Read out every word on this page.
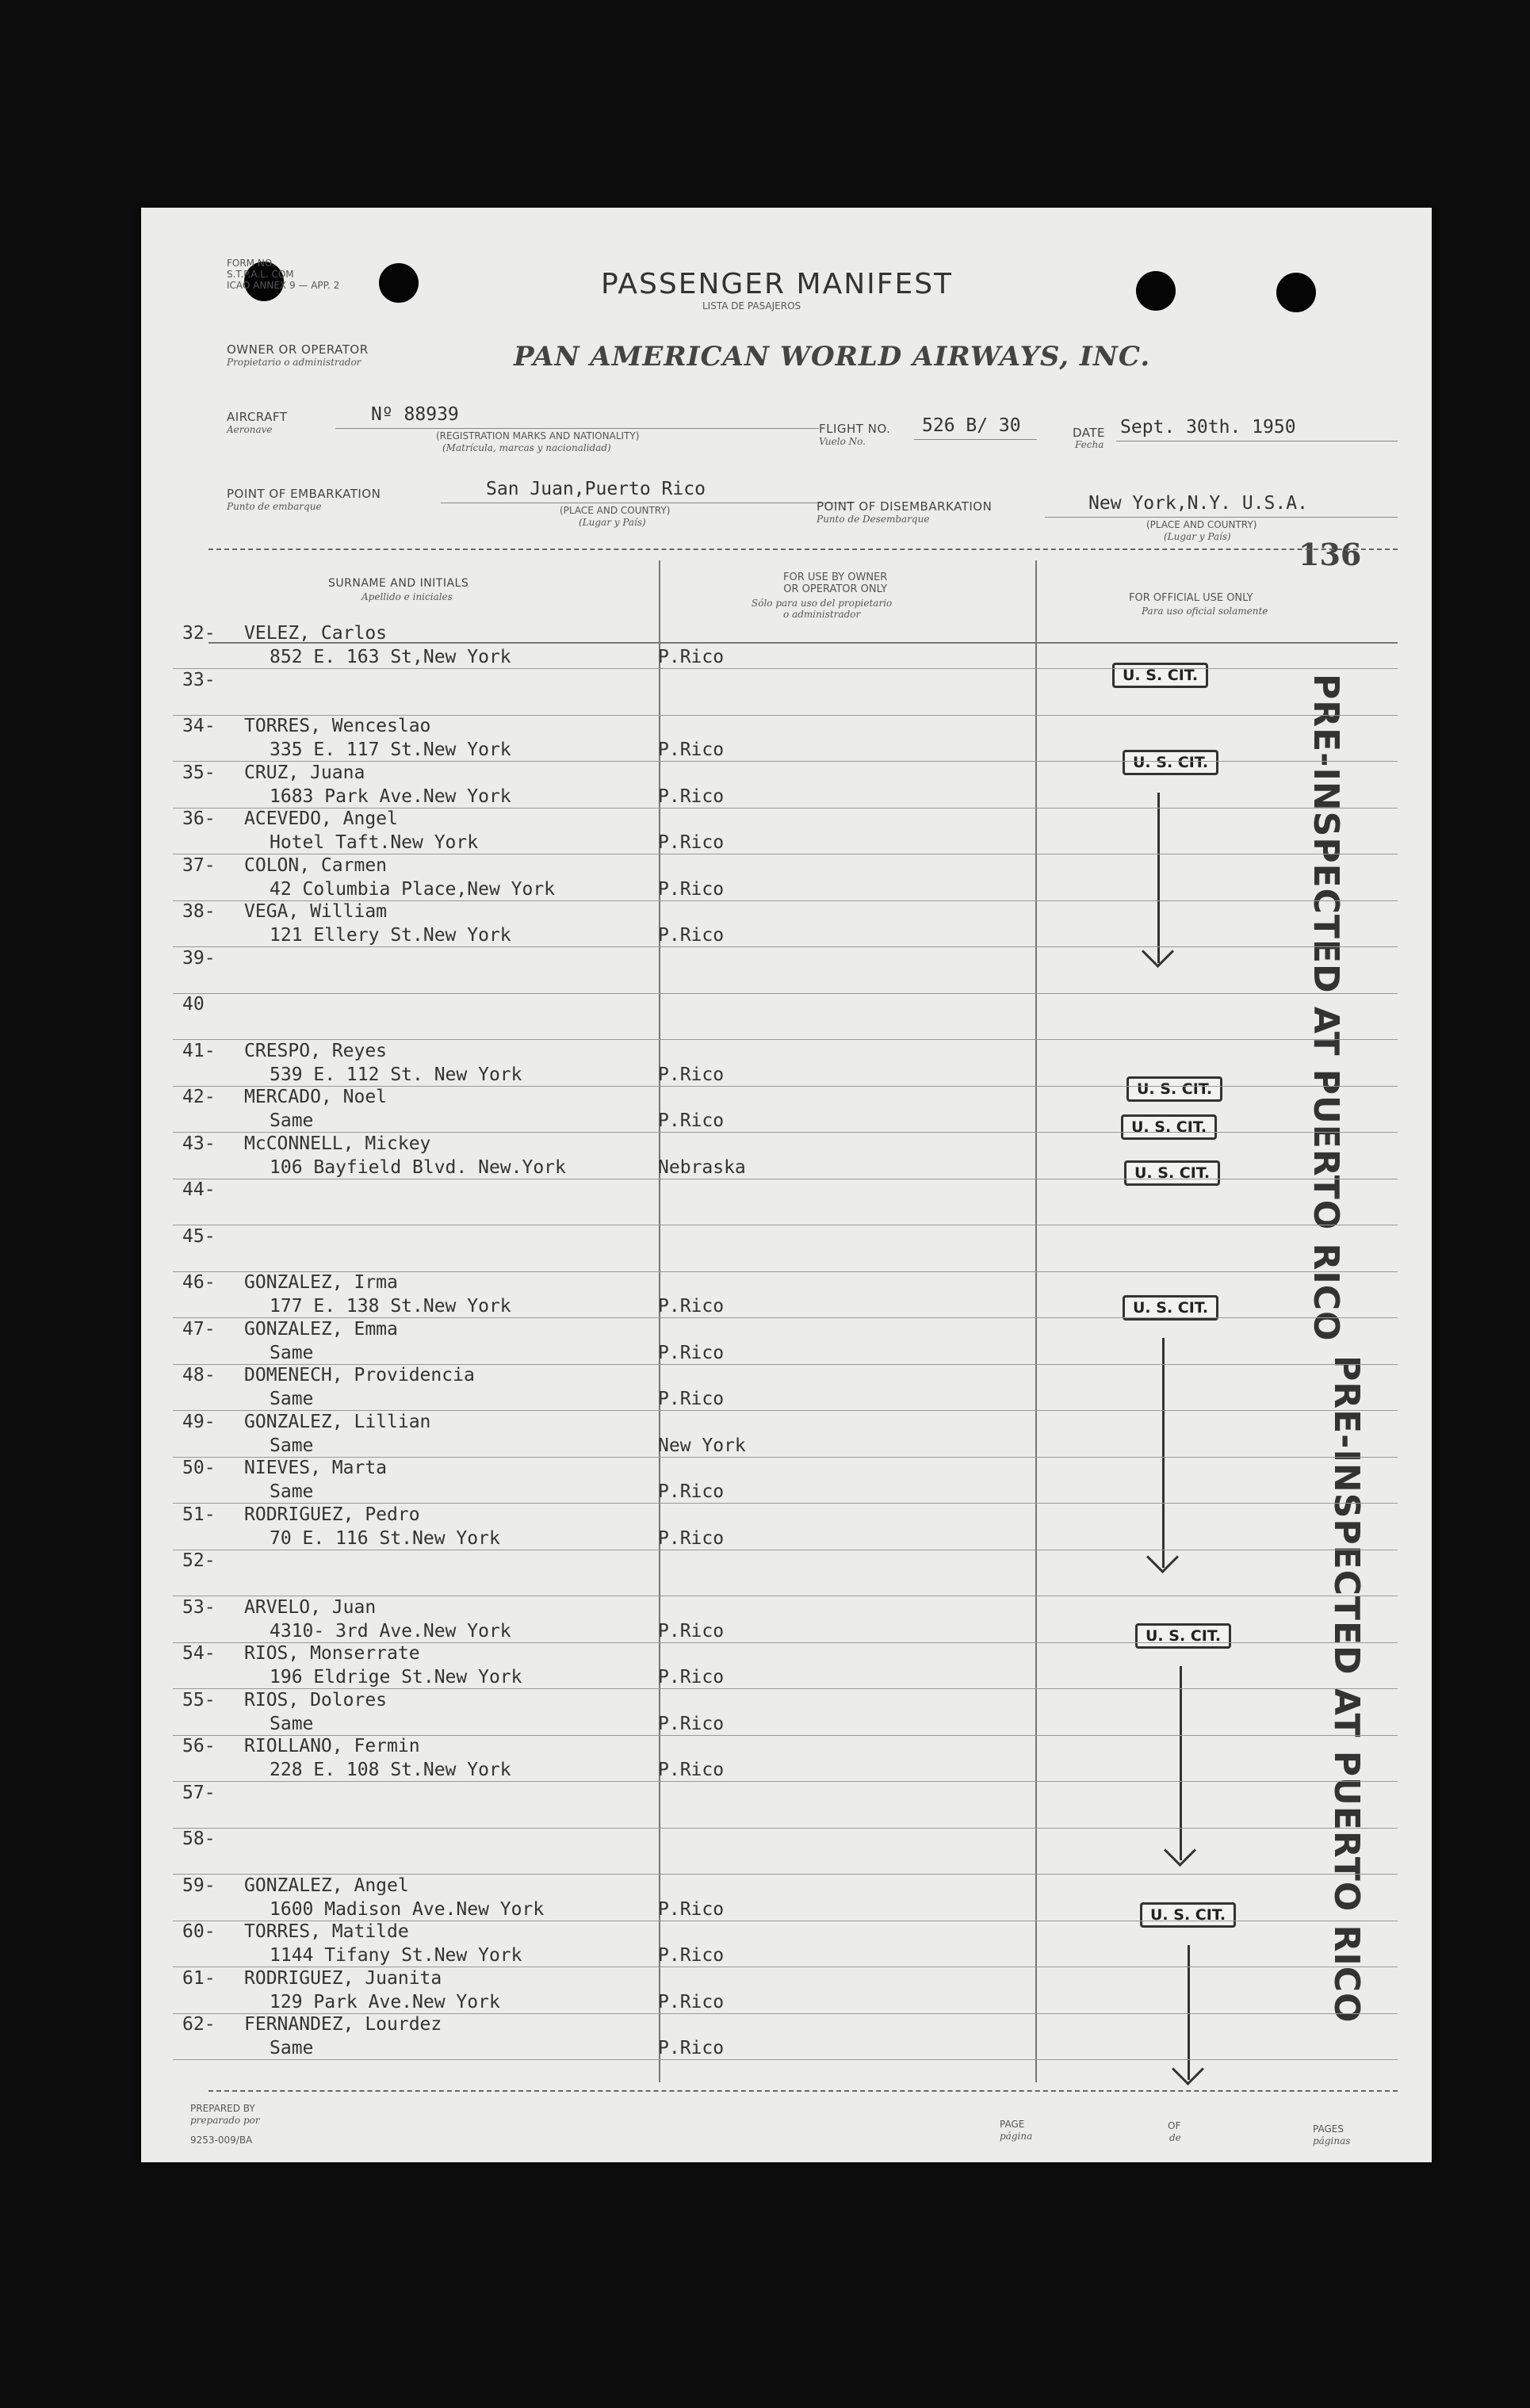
FORM NO.
S.T.P.A.L. COM
ICAO ANNEX 9 — APP. 2	PASSENGER MANIFEST
LISTA DE PASAJEROS
OWNER OR OPERATOR
Propietario o administrador	PAN AMERICAN WORLD AIRWAYS, INC.
AIRCRAFT
Aeronave
Nº 88939
(REGISTRATION MARKS AND NATIONALITY)
(Matrícula, marcas y nacionalidad)
FLIGHT NO.
Vuelo No.
526 B/ 30	DATE
Fecha
Sept. 30th. 1950
POINT OF EMBARKATION
Punto de embarque
San Juan,Puerto Rico
(PLACE AND COUNTRY)
(Lugar y País)
POINT OF DISEMBARKATION
Punto de Desembarque
New York,N.Y. U.S.A.
(PLACE AND COUNTRY)
(Lugar y País) 136
SURNAME AND INITIALS
Apellido e iniciales
FOR USE BY OWNER
OR OPERATOR ONLY
Sólo para uso del propietario
o administrador
FOR OFFICIAL USE ONLY
Para uso oficial solamente
PREPARED BY
preparado por
9253-009/BA
PAGE
página
OF
de
PAGES
páginas
U. S. CIT.
U. S. CIT.
U. S. CIT.
U. S. CIT.
U. S. CIT.
U. S. CIT.
U. S. CIT.
U. S. CIT.
PRE-INSPECTED AT PUERTO RICO
PRE-INSPECTED AT PUERTO RICO
32- VELEZ, Carlos
852 E. 163 St,New York	P.Rico
33-
34- TORRES, Wenceslao
335 E. 117 St.New York	P.Rico
35- CRUZ, Juana
1683 Park Ave.New York	P.Rico
36- ACEVEDO, Angel
Hotel Taft.New York	P.Rico
37- COLON, Carmen
42 Columbia Place,New York	P.Rico
38- VEGA, William
121 Ellery St.New York	P.Rico
39-
40
41- CRESPO, Reyes
539 E. 112 St. New York	P.Rico
42- MERCADO, Noel
Same	P.Rico
43- McCONNELL, Mickey
106 Bayfield Blvd. New.York	Nebraska
44-
45-
46- GONZALEZ, Irma
177 E. 138 St.New York	P.Rico
47- GONZALEZ, Emma
Same	P.Rico
48- DOMENECH, Providencia
Same	P.Rico
49- GONZALEZ, Lillian
Same	New York
50- NIEVES, Marta
Same	P.Rico
51- RODRIGUEZ, Pedro
70 E. 116 St.New York	P.Rico
52-
53- ARVELO, Juan
4310- 3rd Ave.New York	P.Rico
54- RIOS, Monserrate
196 Eldrige St.New York	P.Rico
55- RIOS, Dolores
Same	P.Rico
56- RIOLLANO, Fermin
228 E. 108 St.New York	P.Rico
57-
58-
59- GONZALEZ, Angel
1600 Madison Ave.New York	P.Rico
60- TORRES, Matilde
1144 Tifany St.New York	P.Rico
61- RODRIGUEZ, Juanita
129 Park Ave.New York	P.Rico
62- FERNANDEZ, Lourdez
Same	P.Rico
